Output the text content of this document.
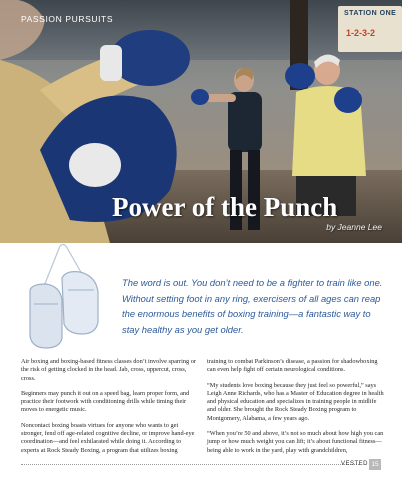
STATION ONE
1-2-3-2
PASSION PURSUITS
Power of the Punch
by Jeanne Lee

The word is out. You don’t need to be a fighter to train like one. Without setting foot in any ring, exercisers of all ages can reap the enormous benefits of boxing training—a fantastic way to stay healthy as you get older.

Air boxing and boxing-based fitness classes don’t involve sparring or the risk of getting clocked in the head. Jab, cross, uppercut, cross, cross.

Beginners may punch it out on a speed bag, learn proper form, and practice their footwork with conditioning drills while timing their moves to energetic music.

Noncontact boxing boasts virtues for anyone who wants to get stronger, fend off age-related cognitive decline, or improve hand-eye coordination—and feel exhilarated while doing it. According to experts at Rock Steady Boxing, a program that utilizes boxing

training to combat Parkinson’s disease, a passion for shadowboxing can even help fight off certain neurological conditions.

“My students love boxing because they just feel so powerful,” says Leigh Anne Richards, who has a Master of Education degree in health and physical education and specializes in training people in midlife and older. She brought the Rock Steady Boxing program to Montgomery, Alabama, a few years ago.

“When you’re 50 and above, it’s not so much about how high you can jump or how much weight you can lift; it’s about functional fitness—being able to work in the yard, play with grandchildren,

VESTED 15
